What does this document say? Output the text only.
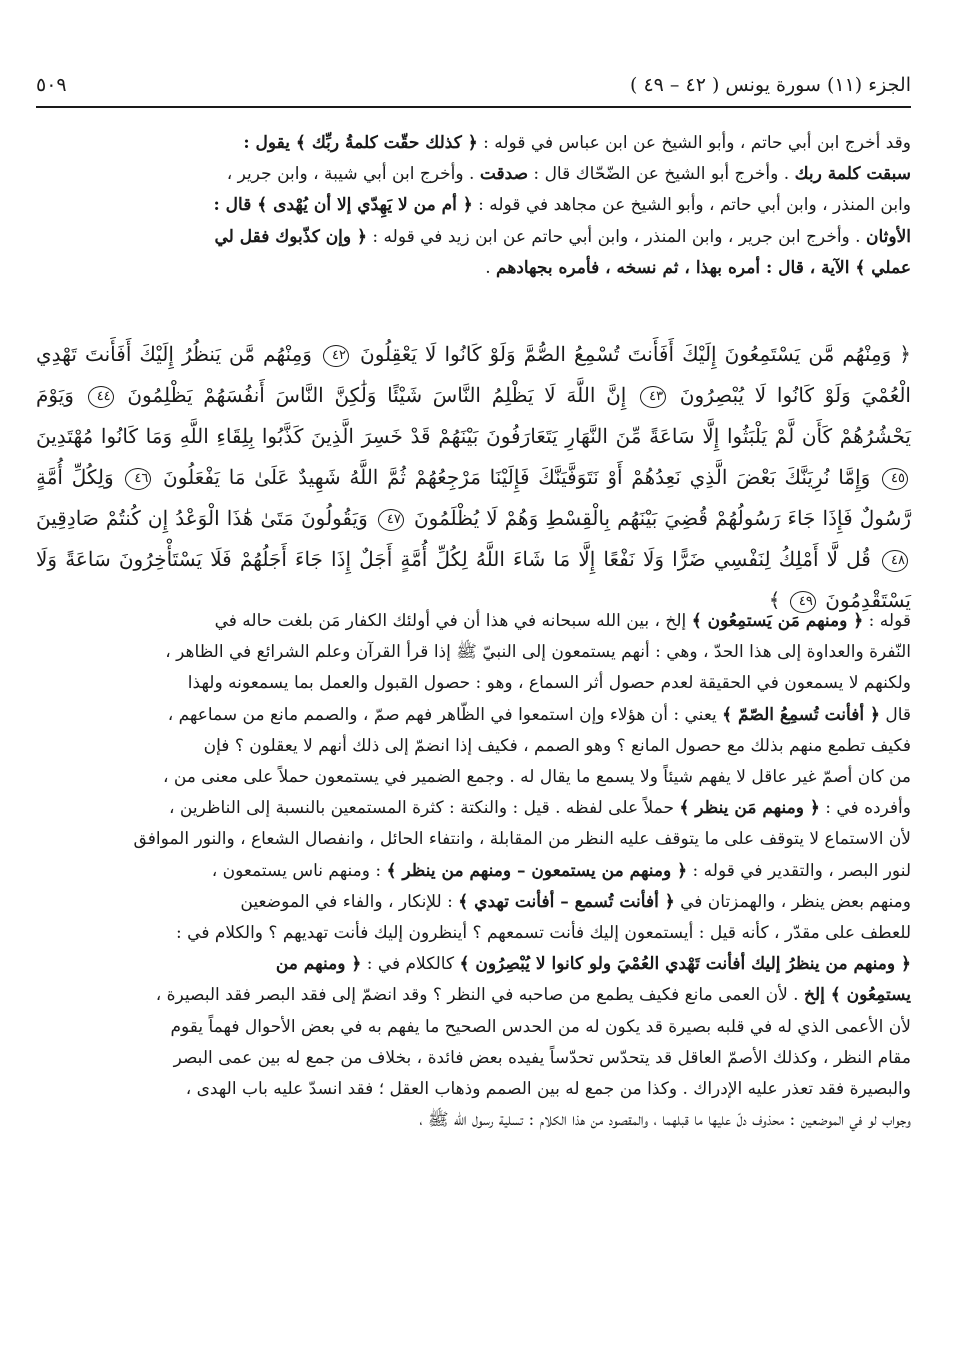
الجزء (١١) سورة يونس ( ٤٢ – ٤٩ )
٥٠٩

وقد أخرج ابن أبي حاتم ، وأبو الشيخ عن ابن عباس في قوله : ﴿ كذلك حقّت كلمةُ ربِّك ﴾ يقول :

سبقت كلمة ربك . وأخرج أبو الشيخ عن الضّحّاك قال : صدقت . وأخرج ابن أبي شيبة ، وابن جرير ،

وابن المنذر ، وابن أبي حاتم ، وأبو الشيخ عن مجاهد في قوله : ﴿ أم من لا يَهِدّي إلا أن يُهْدى ﴾ قال :

الأوثان . وأخرج ابن جرير ، وابن المنذر ، وابن أبي حاتم عن ابن زيد في قوله : ﴿ وإن كذّبوك فقل لي

عملي ﴾ الآية ، قال : أمره بهذا ، ثم نسخه ، فأمره بجهادهم .

﴿ وَمِنْهُم مَّن يَسْتَمِعُونَ إِلَيْكَ أَفَأَنتَ تُسْمِعُ الصُّمَّ وَلَوْ كَانُوا لَا يَعْقِلُونَ ٤٢ وَمِنْهُم مَّن يَنظُرُ إِلَيْكَ أَفَأَنتَ تَهْدِي الْعُمْيَ وَلَوْ كَانُوا لَا يُبْصِرُونَ ٤٣ إِنَّ اللَّهَ لَا يَظْلِمُ النَّاسَ شَيْئًا وَلَٰكِنَّ النَّاسَ أَنفُسَهُمْ يَظْلِمُونَ ٤٤ وَيَوْمَ يَحْشُرُهُمْ كَأَن لَّمْ يَلْبَثُوا إِلَّا سَاعَةً مِّنَ النَّهَارِ يَتَعَارَفُونَ بَيْنَهُمْ قَدْ خَسِرَ الَّذِينَ كَذَّبُوا بِلِقَاءِ اللَّهِ وَمَا كَانُوا مُهْتَدِينَ ٤٥ وَإِمَّا نُرِيَنَّكَ بَعْضَ الَّذِي نَعِدُهُمْ أَوْ نَتَوَفَّيَنَّكَ فَإِلَيْنَا مَرْجِعُهُمْ ثُمَّ اللَّهُ شَهِيدٌ عَلَىٰ مَا يَفْعَلُونَ ٤٦ وَلِكُلِّ أُمَّةٍ رَّسُولٌ فَإِذَا جَاءَ رَسُولُهُمْ قُضِيَ بَيْنَهُم بِالْقِسْطِ وَهُمْ لَا يُظْلَمُونَ ٤٧ وَيَقُولُونَ مَتَىٰ هَٰذَا الْوَعْدُ إِن كُنتُمْ صَادِقِينَ ٤٨ قُل لَّا أَمْلِكُ لِنَفْسِي ضَرًّا وَلَا نَفْعًا إِلَّا مَا شَاءَ اللَّهُ لِكُلِّ أُمَّةٍ أَجَلٌ إِذَا جَاءَ أَجَلُهُمْ فَلَا يَسْتَأْخِرُونَ سَاعَةً وَلَا يَسْتَقْدِمُونَ ٤٩ ﴾

قوله : ﴿ ومنهم مَن يَستمِعُون ﴾ إلخ ، بين الله سبحانه في هذا أن في أولئك الكفار مَن بلغت حاله في

النّفرة والعداوة إلى هذا الحدّ ، وهي : أنهم يستمعون إلى النبيّ ﷺ إذا قرأ القرآن وعلم الشرائع في الظاهر ،

ولكنهم لا يسمعون في الحقيقة لعدم حصول أثر السماع ، وهو : حصول القبول والعمل بما يسمعونه ولهذا

قال ﴿ أفأنت تُسمِعُ الصّمّ ﴾ يعني : أن هؤلاء وإن استمعوا في الظّاهر فهم صمّ ، والصمم مانع من سماعهم ،

فكيف تطمع منهم بذلك مع حصول المانع ؟ وهو الصمم ، فكيف إذا انضمّ إلى ذلك أنهم لا يعقلون ؟ فإن

من كان أصمّ غير عاقل لا يفهم شيئاً ولا يسمع ما يقال له . وجمع الضمير في يستمعون حملاً على معنى من ،

وأفرده في : ﴿ ومنهم مَن ينظر ﴾ حملاً على لفظه . قيل : والنكتة : كثرة المستمعين بالنسبة إلى الناظرين ،

لأن الاستماع لا يتوقف على ما يتوقف عليه النظر من المقابلة ، وانتفاء الحائل ، وانفصال الشعاع ، والنور الموافق

لنور البصر ، والتقدير في قوله : ﴿ ومنهم من يستمعون – ومنهم من ينظر ﴾ : ومنهم ناس يستمعون ،

ومنهم بعض ينظر ، والهمزتان في ﴿ أفأنت تُسمع – أفأنت تهدي ﴾ : للإنكار ، والفاء في الموضعين

للعطف على مقدّر ، كأنه قيل : أيستمعون إليك فأنت تسمعهم ؟ أينظرون إليك فأنت تهديهم ؟ والكلام في :

﴿ ومنهم من ينظرُ إليك أفأنت تَهْدي العُمْيَ ولو كانوا لا يُبْصِرُون ﴾ كالكلام في : ﴿ ومنهم من

يستمِعُون ﴾ إلخ . لأن العمى مانع فكيف يطمع من صاحبه في النظر ؟ وقد انضمّ إلى فقد البصر فقد البصيرة ،

لأن الأعمى الذي له في قلبه بصيرة قد يكون له من الحدس الصحيح ما يفهم به في بعض الأحوال فهماً يقوم

مقام النظر ، وكذلك الأصمّ العاقل قد يتحدّس تحدّساً يفيده بعض فائدة ، بخلاف من جمع له بين عمى البصر

والبصيرة فقد تعذر عليه الإدراك . وكذا من جمع له بين الصمم وذهاب العقل ؛ فقد انسدّ عليه باب الهدى ،

وجواب لو في الموضعين : محذوف دلّ عليها ما قبلهما ، والمقصود من هذا الكلام : تسلية رسول الله ﷺ ،
